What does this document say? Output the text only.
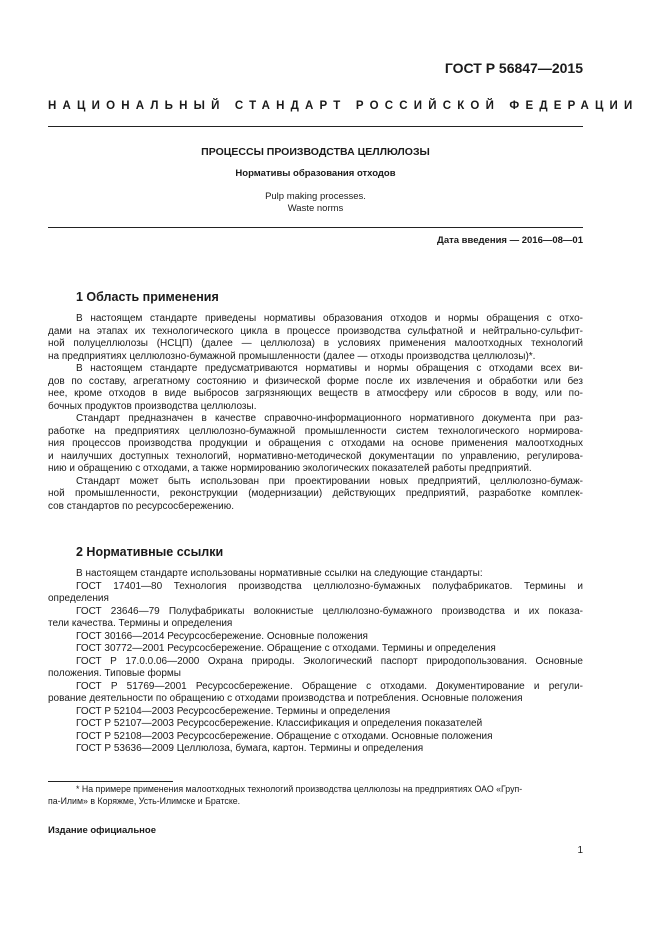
ГОСТ Р 56847—2015
НАЦИОНАЛЬНЫЙ СТАНДАРТ РОССИЙСКОЙ ФЕДЕРАЦИИ
ПРОЦЕССЫ ПРОИЗВОДСТВА ЦЕЛЛЮЛОЗЫ
Нормативы образования отходов
Pulp making processes.
Waste norms
Дата введения — 2016—08—01
1 Область применения
В настоящем стандарте приведены нормативы образования отходов и нормы обращения с отхо-
дами на этапах их технологического цикла в процессе производства сульфатной и нейтрально-сульфит-
ной полуцеллюлозы (НСЦП) (далее — целлюлоза) в условиях применения малоотходных технологий
на предприятиях целлюлозно-бумажной промышленности (далее — отходы производства целлюлозы)*.
В настоящем стандарте предусматриваются нормативы и нормы обращения с отходами всех ви-
дов по составу, агрегатному состоянию и физической форме после их извлечения и обработки или без
нее, кроме отходов в виде выбросов загрязняющих веществ в атмосферу или сбросов в воду, или по-
бочных продуктов производства целлюлозы.
Стандарт предназначен в качестве справочно-информационного нормативного документа при раз-
работке на предприятиях целлюлозно-бумажной промышленности систем технологического нормирова-
ния процессов производства продукции и обращения с отходами на основе применения малоотходных
и наилучших доступных технологий, нормативно-методической документации по управлению, регулирова-
нию и обращению с отходами, а также нормированию экологических показателей работы предприятий.
Стандарт может быть использован при проектировании новых предприятий, целлюлозно-бумаж-
ной промышленности, реконструкции (модернизации) действующих предприятий, разработке комплек-
сов стандартов по ресурсосбережению.
2 Нормативные ссылки
В настоящем стандарте использованы нормативные ссылки на следующие стандарты:
ГОСТ 17401—80 Технология производства целлюлозно-бумажных полуфабрикатов. Термины и
определения
ГОСТ 23646—79 Полуфабрикаты волокнистые целлюлозно-бумажного производства и их показа-
тели качества. Термины и определения
ГОСТ 30166—2014 Ресурсосбережение. Основные положения
ГОСТ 30772—2001 Ресурсосбережение. Обращение с отходами. Термины и определения
ГОСТ Р 17.0.0.06—2000 Охрана природы. Экологический паспорт природопользования. Основные
положения. Типовые формы
ГОСТ Р 51769—2001 Ресурсосбережение. Обращение с отходами. Документирование и регули-
рование деятельности по обращению с отходами производства и потребления. Основные положения
ГОСТ Р 52104—2003 Ресурсосбережение. Термины и определения
ГОСТ Р 52107—2003 Ресурсосбережение. Классификация и определения показателей
ГОСТ Р 52108—2003 Ресурсосбережение. Обращение с отходами. Основные положения
ГОСТ Р 53636—2009 Целлюлоза, бумага, картон. Термины и определения
* На примере применения малоотходных технологий производства целлюлозы на предприятиях ОАО «Груп-
па-Илим» в Коряжме, Усть-Илимске и Братске.
Издание официальное
1
